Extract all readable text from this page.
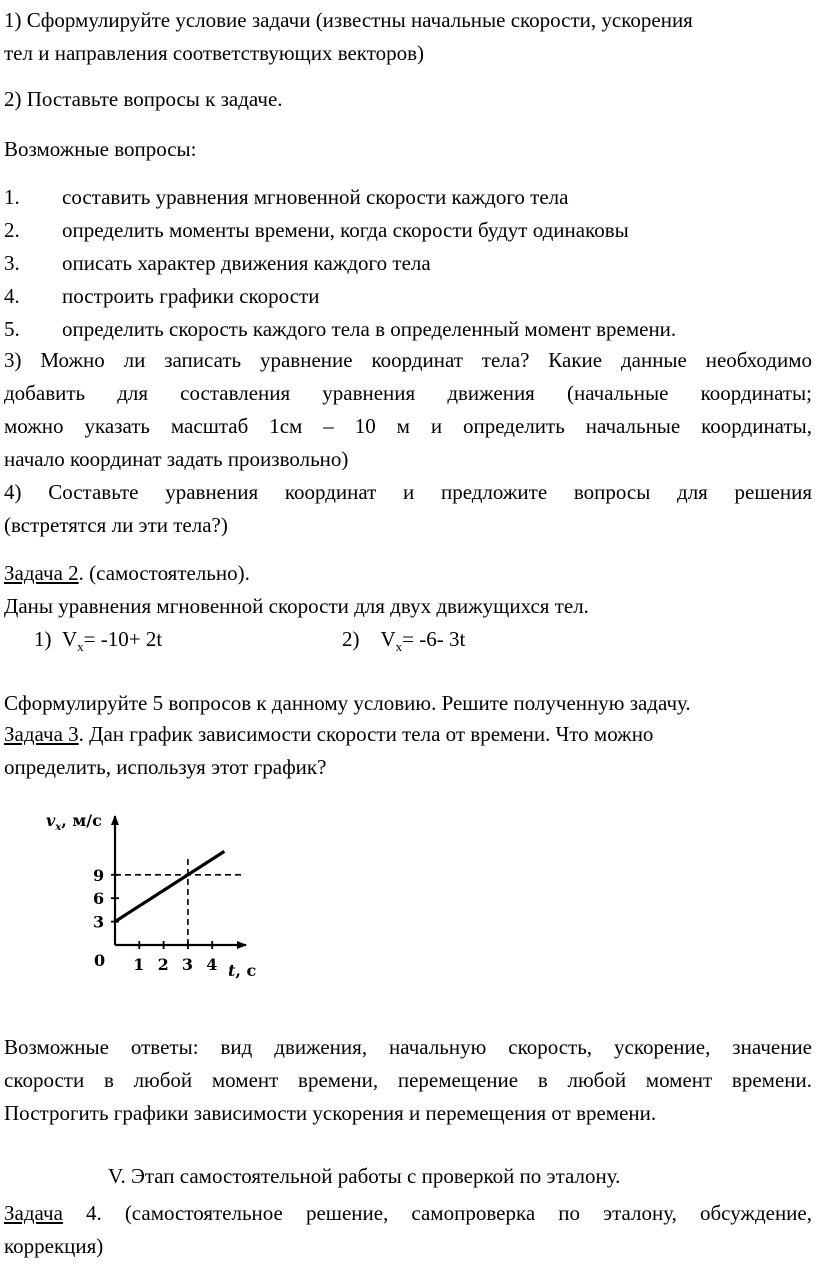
1) Сформулируйте условие задачи (известны начальные скорости, ускорения
тел и направления соответствующих векторов)
2) Поставьте вопросы к задаче.
Возможные вопросы:
1. составить уравнения мгновенной скорости каждого тела
2. определить моменты времени, когда скорости будут одинаковы
3. описать характер движения каждого тела
4. построить графики скорости
5. определить скорость каждого тела в определенный момент времени.
3) Можно ли записать уравнение координат тела? Какие данные необходимо
добавить для составления уравнения движения (начальные координаты;
можно указать масштаб 1см – 10 м и определить начальные координаты,
начало координат задать произвольно)
4) Составьте уравнения координат и предложите вопросы для решения
(встретятся ли эти тела?)
Задача 2. (самостоятельно).
Даны уравнения мгновенной скорости для двух движущихся тел.
1) $V_x= -10+ 2t$	2) $V_x= -6-$ 3t
Сформулируйте 5 вопросов к данному условию. Решите полученную задачу.
Задача 3. Дан график зависимости скорости тела от времени. Что можно
определить, используя этот график?
1 2 3 4
3
6
9
$v_x$, м/с
0
t, с
Возможные ответы: вид движения, начальную скорость, ускорение, значение
скорости в любой момент времени, перемещение в любой момент времени.
Построгить графики зависимости ускорения и перемещения от времени.
V. Этап самостоятельной работы с проверкой по эталону.
Задача 4. (самостоятельное решение, самопроверка по эталону, обсуждение,
коррекция)
